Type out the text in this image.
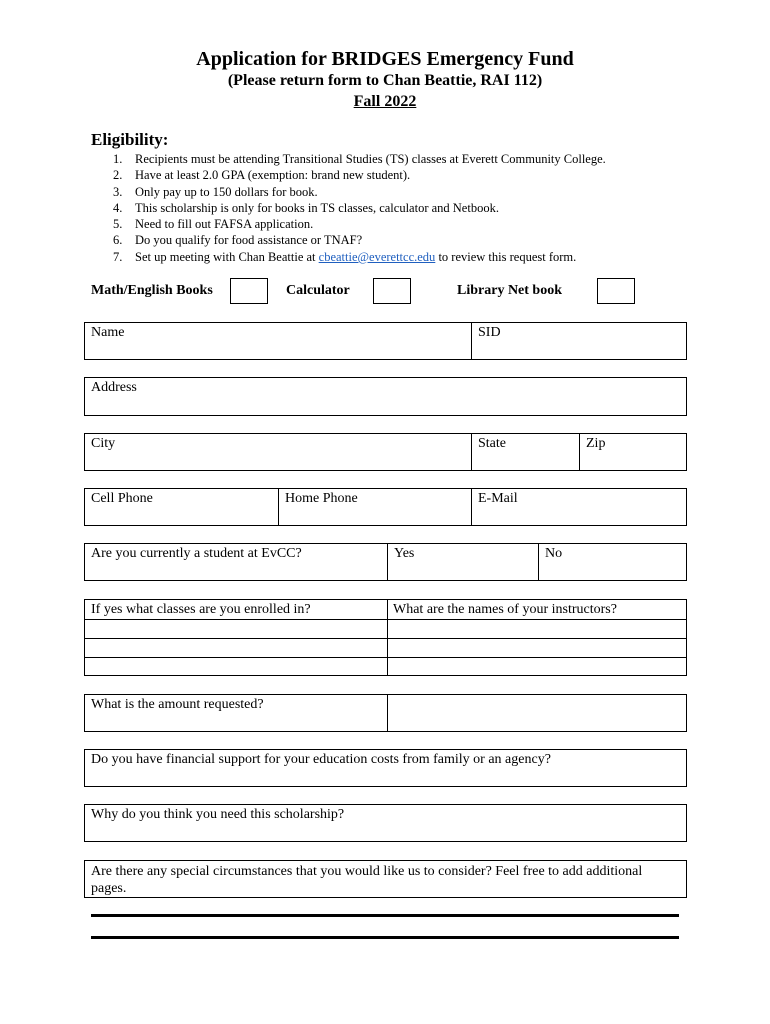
Application for BRIDGES Emergency Fund
(Please return form to Chan Beattie, RAI 112)
Fall 2022
Eligibility:
1. Recipients must be attending Transitional Studies (TS) classes at Everett Community College.
2. Have at least 2.0 GPA (exemption: brand new student).
3. Only pay up to 150 dollars for book.
4. This scholarship is only for books in TS classes, calculator and Netbook.
5. Need to fill out FAFSA application.
6. Do you qualify for food assistance or TNAF?
7. Set up meeting with Chan Beattie at cbeattie@everettcc.edu to review this request form.
Math/English Books	Calculator	Library Net book
Name	SID
Address
City	State	Zip
Cell Phone	Home Phone	E-Mail
Are you currently a student at EvCC?	Yes	No
If yes what classes are you enrolled in?	What are the names of your instructors?
What is the amount requested?
Do you have financial support for your education costs from family or an agency?
Why do you think you need this scholarship?
Are there any special circumstances that you would like us to consider? Feel free to add additional pages.
